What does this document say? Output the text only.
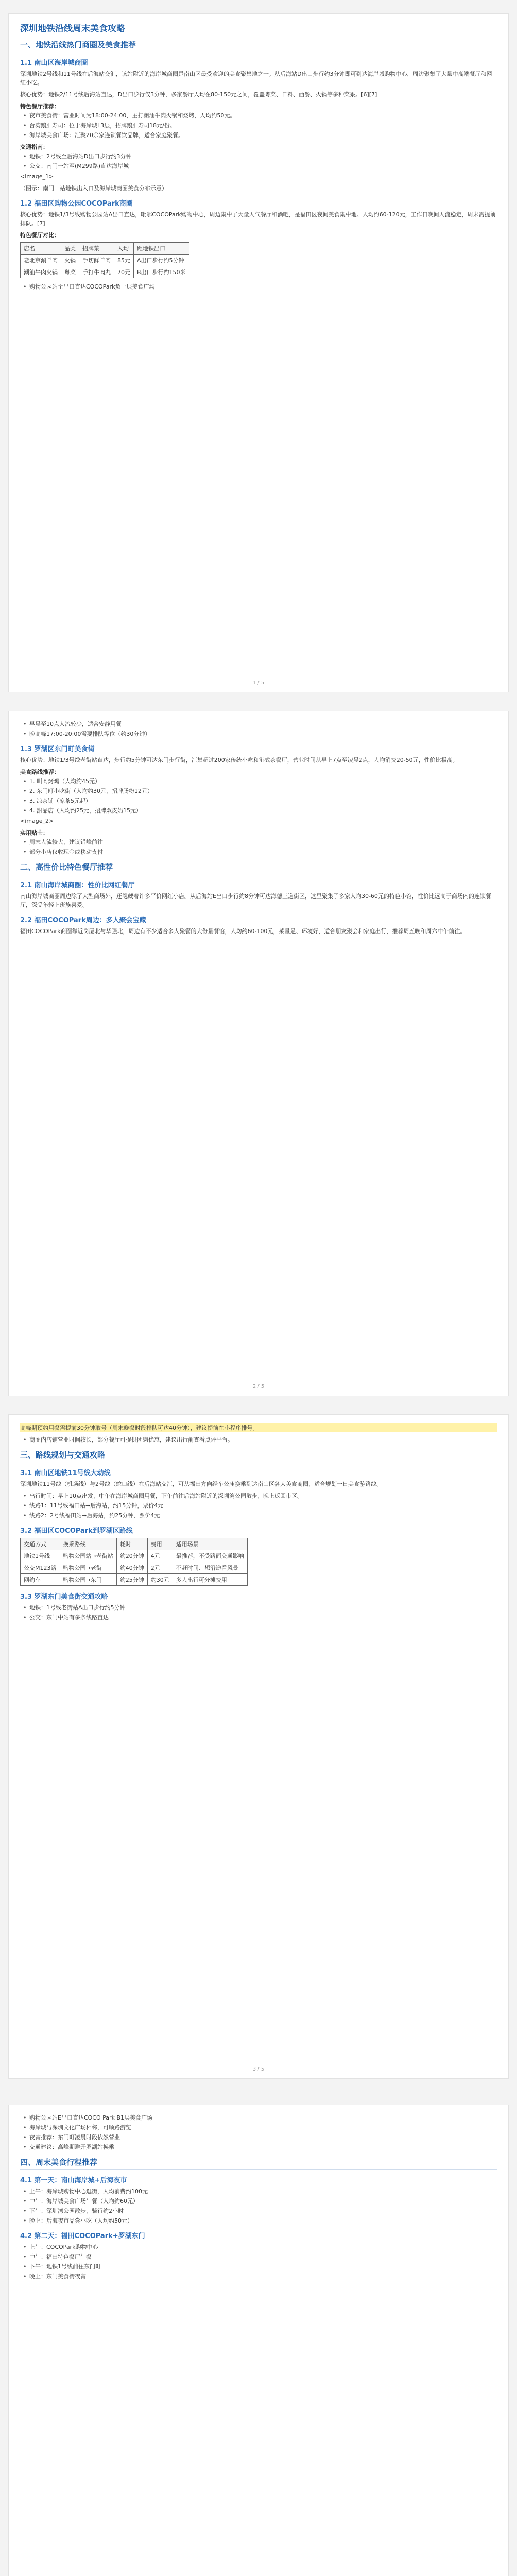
深圳地铁沿线周末美食攻略
一、地铁沿线热门商圈及美食推荐
1.1 南山区海岸城商圈
深圳地铁2号线和11号线在后海站交汇，该站附近的海岸城商圈是南山区最受欢迎的美食聚集地之一。从后海站D出口步行约3分钟即可到达海岸城购物中心，周边聚集了大量中高端餐厅和网红小吃。
核心优势：地铁2/11号线后海站直达，D出口步行仅3分钟，多家餐厅人均在80-150元之间，覆盖粤菜、日料、西餐、火锅等多种菜系。[6][7]
特色餐厅推荐：
• 夜市美食街：营业时间为18:00-24:00，主打潮汕牛肉火锅和烧烤，人均约50元。
• 台湾鹅肝寿司：位于海岸城L3层，招牌鹅肝寿司18元/份。
• 海岸城美食广场：汇聚20余家连锁餐饮品牌，适合家庭聚餐。
交通指南：
• 地铁：2号线至后海站D出口步行约3分钟
• 公交：南门一站至(M299路)直达海岸城
<image_1>
（图示：南门一站地铁出入口及海岸城商圈美食分布示意）
1.2 福田区购物公园COCOPark商圈
核心优势：地铁1/3号线购物公园站A出口直达，毗邻COCOPark购物中心，周边集中了大量人气餐厅和酒吧，是福田区夜间美食集中地。人均约60-120元，工作日晚间人流稳定，周末需提前排队。[7]
特色餐厅对比：
店名	品类	招牌菜	人均	距地铁出口
老北京涮羊肉	火锅	手切鲜羊肉	85元	A出口步行约5分钟
潮汕牛肉火锅	粤菜	手打牛肉丸	70元	B出口步行约150米
• 购物公园站至出口直达COCOPark负一层美食广场
1 / 5
• 早晨至10点人流较少，适合安静用餐
• 晚高峰17:00-20:00需要排队等位（约30分钟）
1.3 罗湖区东门町美食街
核心优势：地铁1/3号线老街站直达，步行约5分钟可达东门步行街，汇集超过200家传统小吃和港式茶餐厅，营业时间从早上7点至凌晨2点，人均消费20-50元，性价比极高。
美食路线推荐：
• 1. 叫肉烤鸡（人均约45元）
• 2. 东门町小吃街（人均约30元，招牌肠粉12元）
• 3. 凉茶铺（凉茶5元起）
• 4. 甜品店（人均约25元，招牌双皮奶15元）
<image_2>
实用贴士：
• 周末人流较大，建议错峰前往
• 部分小店仅收现金或移动支付
二、高性价比特色餐厅推荐
2.1 南山海岸城商圈：性价比网红餐厅
南山海岸城商圈周边除了大型商场外，还隐藏着许多平价网红小店。从后海站E出口步行约8分钟可达海德三道街区，这里聚集了多家人均30-60元的特色小馆，性价比远高于商场内的连锁餐厅，深受年轻上班族喜爱。
2.2 福田COCOPark周边：多人聚会宝藏
福田COCOPark商圈靠近岗厦北与华强北，周边有不少适合多人聚餐的大份量餐馆，人均约60-100元，菜量足、环境好，适合朋友聚会和家庭出行，推荐周五晚和周六中午前往。
2 / 5
高峰期预约用餐需提前30分钟取号（周末晚餐时段排队可达40分钟），建议提前在小程序排号。
• 商圈内店铺营业时间较长，部分餐厅可提供团购优惠，建议出行前查看点评平台。
三、路线规划与交通攻略
3.1 南山区地铁11号线大动线
深圳地铁11号线（机场线）与2号线（蛇口线）在后海站交汇，可从福田方向经车公庙换乘到达南山区各大美食商圈，适合规划一日美食游路线。
• 出行时间：早上10点出发，中午在海岸城商圈用餐，下午前往后海站附近的深圳湾公园散步，晚上返回市区。
• 线路1：11号线福田站→后海站，约15分钟，票价4元
• 线路2：2号线福田站→后海站，约25分钟，票价4元
3.2 福田区COCOPark到罗湖区路线
交通方式	换乘路线	耗时	费用	适用场景
地铁1号线	购物公园站→老街站	约20分钟	4元	最推荐，不受路面交通影响
公交M123路	购物公园→老街	约40分钟	2元	不赶时间、想沿途看风景
网约车	购物公园→东门	约25分钟	约30元	多人出行可分摊费用
3.3 罗湖东门美食街交通攻略
• 地铁：1号线老街站A出口步行约5分钟
• 公交：东门中站有多条线路直达
3 / 5
• 购物公园站E出口直达COCO Park B1层美食广场
• 海岸城与深圳文化广场相邻，可顺路游览
• 夜宵推荐：东门町凌晨时段依然营业
• 交通建议：高峰期避开罗湖站换乘
四、周末美食行程推荐
4.1 第一天：南山海岸城+后海夜市
• 上午：海岸城购物中心逛街，人均消费约100元
• 中午：海岸城美食广场午餐（人均约60元）
• 下午：深圳湾公园散步，骑行约2小时
• 晚上：后海夜市品尝小吃（人均约50元）
4.2 第二天：福田COCOPark+罗湖东门
• 上午：COCOPark购物中心
• 中午：福田特色餐厅午餐
• 下午：地铁1号线前往东门町
• 晚上：东门美食街夜宵
